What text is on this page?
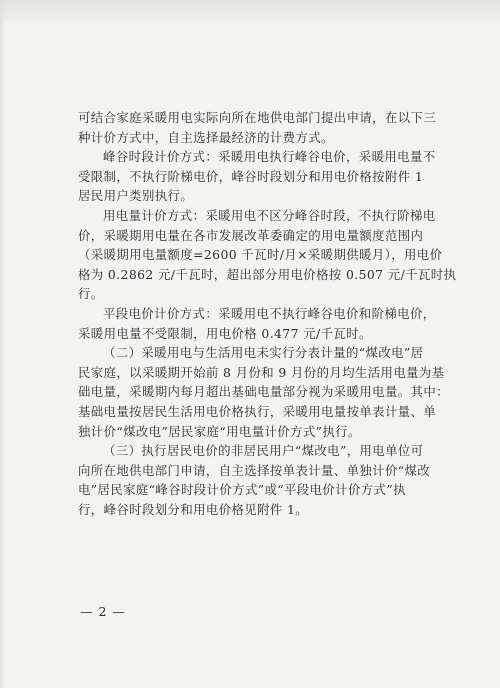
可结合家庭采暖用电实际向所在地供电部门提出申请，在以下三
种计价方式中，自主选择最经济的计费方式。
峰谷时段计价方式：采暖用电执行峰谷电价，采暖用电量不
受限制，不执行阶梯电价，峰谷时段划分和用电价格按附件 1
居民用户类别执行。
用电量计价方式：采暖用电不区分峰谷时段，不执行阶梯电
价，采暖期用电量在各市发展改革委确定的用电量额度范围内
（采暖期用电量额度=2600 千瓦时/月×采暖期供暖月），用电价
格为 0.2862 元/千瓦时，超出部分用电价格按 0.507 元/千瓦时执
行。
平段电价计价方式：采暖用电不执行峰谷电价和阶梯电价，
采暖用电量不受限制，用电价格 0.477 元/千瓦时。
（二）采暖用电与生活用电未实行分表计量的“煤改电”居
民家庭，以采暖期开始前 8 月份和 9 月份的月均生活用电量为基
础电量，采暖期内每月超出基础电量部分视为采暖用电量。其中：
基础电量按居民生活用电价格执行，采暖用电量按单表计量、单
独计价“煤改电”居民家庭“用电量计价方式”执行。
（三）执行居民电价的非居民用户“煤改电”，用电单位可
向所在地供电部门申请，自主选择按单表计量、单独计价“煤改
电”居民家庭“峰谷时段计价方式”或“平段电价计价方式”执
行，峰谷时段划分和用电价格见附件 1。
— 2 —
